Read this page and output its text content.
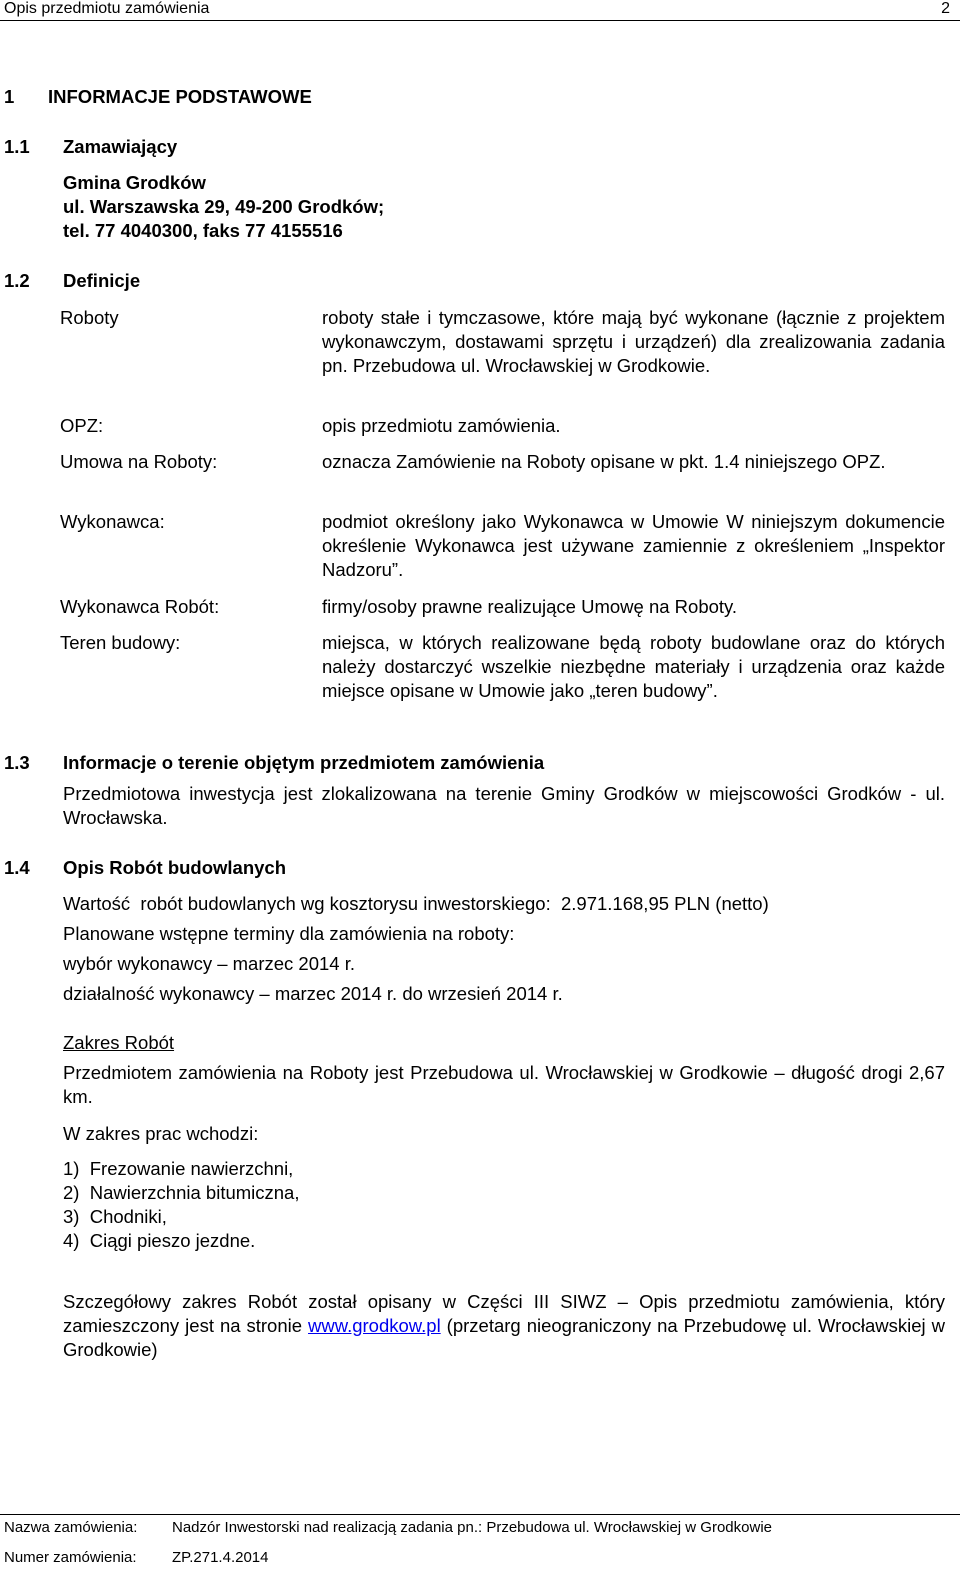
Opis przedmiotu zamówienia	2
1 INFORMACJE PODSTAWOWE
1.1 Zamawiający
Gmina Grodków
ul. Warszawska 29, 49-200 Grodków;
tel. 77 4040300, faks 77 4155516
1.2 Definicje
Roboty	roboty stałe i tymczasowe, które mają być wykonane (łącznie z projektem wykonawczym, dostawami sprzętu i urządzeń) dla zrealizowania zadania pn. Przebudowa ul. Wrocławskiej w Grodkowie.
OPZ:	opis przedmiotu zamówienia.
Umowa na Roboty:	oznacza Zamówienie na Roboty opisane w pkt. 1.4 niniejszego OPZ.
Wykonawca:	podmiot określony jako Wykonawca w Umowie W niniejszym dokumencie określenie Wykonawca jest używane zamiennie z określeniem „Inspektor Nadzoru”.
Wykonawca Robót:	firmy/osoby prawne realizujące Umowę na Roboty.
Teren budowy:	miejsca, w których realizowane będą roboty budowlane oraz do których należy dostarczyć wszelkie niezbędne materiały i urządzenia oraz każde miejsce opisane w Umowie jako „teren budowy”.
1.3 Informacje o terenie objętym przedmiotem zamówienia
Przedmiotowa inwestycja jest zlokalizowana na terenie Gminy Grodków w miejscowości Grodków - ul. Wrocławska.
1.4 Opis Robót budowlanych
Wartość  robót budowlanych wg kosztorysu inwestorskiego:  2.971.168,95 PLN (netto)
Planowane wstępne terminy dla zamówienia na roboty:
wybór wykonawcy – marzec 2014 r.
działalność wykonawcy – marzec 2014 r. do wrzesień 2014 r.
Zakres Robót
Przedmiotem zamówienia na Roboty jest Przebudowa ul. Wrocławskiej w Grodkowie – długość drogi 2,67 km.
W zakres prac wchodzi:
1)  Frezowanie nawierzchni,
2)  Nawierzchnia bitumiczna,
3)  Chodniki,
4)  Ciągi pieszo jezdne.
Szczegółowy zakres Robót został opisany w Części III SIWZ – Opis przedmiotu zamówienia, który zamieszczony jest na stronie www.grodkow.pl (przetarg nieograniczony na Przebudowę ul. Wrocławskiej w Grodkowie)
Nazwa zamówienia: Nadzór Inwestorski nad realizacją zadania pn.: Przebudowa ul. Wrocławskiej w Grodkowie
Numer zamówienia: ZP.271.4.2014
